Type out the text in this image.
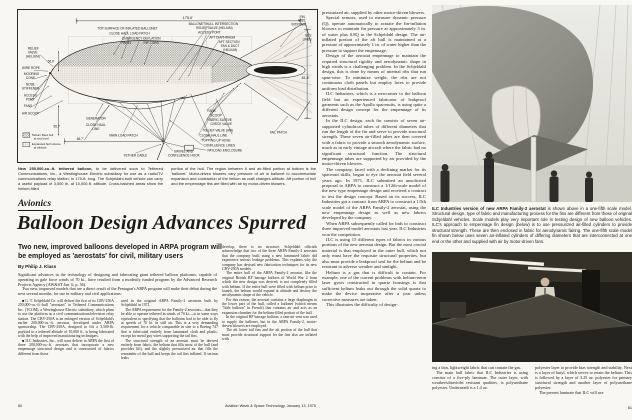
175.0'
TOP SURFACE OF INFLATED BALLONET
CLOSE HAUL LOAD PATCH
EMERGENCY DEFLATION
PANEL	RIP CORD
BALLONET/HULL INTERSECTION
RELIEF VALVE (HELIUM)
ACCESS PORT
AFT DIAPHRAGM
AFT SECTION
FAN & DUCT
(HELIUM)
FIN
RIBS,
INTERNAL
GUY
LINES
RELIEF
VALVE
(HELIUM)
56.0'
WIRE ROPE
MOORING
CONE
NOSE
STIFFENER
ACCESS
PORT
FANS
AIR SCOOP
56.7'
GENERATOR
CLOSE HAUL
LINE
MAIN LOAD PATCH
66.7'
TETHER CABLE
SWIVEL AND
CONFLUENCE HOOK
TOPPING UP HOSE
CONFLUENCE LINES
PAYLOAD ENCLOSURE
CLOSE HAUL LINE
RELIEF VALVE (AIR)
FABRIC SLEEVE
CHECK VALVE
SCOOP
FANS
TAIL PATCH
81.5'
Helium filled hull
at sea level
Expanded hull volume
at altitude
New 250,000-cu.-ft. tethered balloon, to be delivered soon to Tethered Communications, Inc., a Westinghouse Electric subsidiary for use as a radio/TV communications relay station, is 175-ft. long. The Schjeldahl-built vehicle can carry a useful payload of 3,500 lb. at 10,000-ft. altitude. Cross-hatched areas show the helium-filled
portion of the hull. The region between it and air-filled portion at bottom is the 'ballonet.' Motor-driven blowers vary pressure of air in ballonet to accommodate expansion and contraction of the helium as craft changes altitude. Aft portion of hull and the empennage fins are filled with air by motor-driven blowers.
Avionics
Balloon Design Advances Spurred
Two new, improved balloons developed in ARPA program will be employed as 'aerostats' for civil, military users
By Philip J. Klass

Significant advances in the technology of designing and fabricating giant tethered balloon platforms, capable of operating in gale force winds of 70 kt., have resulted from a modestly funded program by the Advanced Research Projects Agency (AW&ST Jan. 6, p. 56).

Two new, improved models that are a direct result of the Pentagon's ARPA program will make their debut during the next several months, for use in military and civil applications:

■ G. T. Schjeldahl Co. will deliver the first of its CBV-250A 250,000-cu.-ft.-hull "aerostats" to Tethered Communications Inc. (TCOM), a Westinghouse Electric subsidiary, which plans to use the platform as a civil communications/television relay station. The CBV-250A is an enlarged version of Schjeldahl's earlier 200,000-cu.-ft. aerostat, developed under ARPA sponsorship. The CBV-250A, designed to lift a 3,500-lb. payload to a tethered altitude of 10,000 ft., is being fabricated with the help of improved manufacturing techniques.

■ ILC Industries, Inc., will soon deliver to ARPA the first of three 200,000-cu.-ft. aerostats that incorporate a new empennage structural design and is constructed of fabrics different from those

used in the original ARPA Family-2 aerostats built by Schjeldahl in 1971.

The ARPA requirement for the Family-2 aerostats—that they be able to operate tethered in winds of 70 kt.—is in some ways equivalent to specifying that the balloons had to be able to fly at speeds of 70 kt. in still air. This is a very demanding requirement for a vehicle comparable in size to a Boeing 747 that is fabricated entirely from laminated cloth and plastic, except for metal guy wires supporting the tail fins.

The structural strength of an aerostat must be derived entirely from fabric, the helium that fills most of the hull (and provides lift), and the slightly pressurized air that fills the remainder of the hull and keeps the tail fins inflated. If serious leaks

develop, there is no structure. Schjeldahl officials acknowledge that two of the three ARPA Family-2 aerostats that the company built using a new laminated fabric did experience serious leakage problems. This explains why the company has devised new fabrication techniques for its new CBV-250A models.

The entire hull of the ARPA Family-2 aerostat, like the original British RF barrage balloon of World War 2 from which the new design was derived, is not completely filled with helium. If the entire hull were filled with helium prior to launch, the helium would expand at altitude and destroy the aerodynamic shape of the vehicle.

For this reason, the aerostat contains a large diaphragm in the lower part of the hull, called a ballonet (which means "little balloon" in French) that contains air and acts as an expansion chamber for the helium-filled portion of the hull.

In the original RF barrage balloon, a ram-air vent was used to supply the ballonet, but in the ARPA Family-2, motor-driven blowers are employed.

The aft lower tail fins and the aft portion of the hull that must provide structural support for the fins also are inflated with

60	Aviation Week & Space Technology, January 13, 1975

pressurized air, supplied by other motor-driven blowers.

Special sensors, used to measure dynamic pressure (Q), operate automatically to actuate the fin-inflation blowers to maintain fin pressure at approximately 3 in. of water plus 0.8Q in the Schjeldahl design. The air-inflated portion of the aft hull is maintained at a pressure of approximately 1 in. of water higher than the pressure to support the empennage.

Design of the aerostat empennage to maintain the required structural rigidity and aerodynamic shape in high winds is a challenging problem. In the Schjeldahl design, this is done by means of internal ribs that run span-wise. To minimize weight, the ribs are not continuous cloth panels but employ laces to provide uniform load distribution.

ILC Industries, which is a newcomer to the balloon field but an experienced fabricator of leakproof garments such as the Apollo spacesuits, is using quite a different design concept for the empennage of its aerostats.

In the ILC design, each fin consists of seven air-supported cylindrical tubes of different diameters that run the length of the fin and serve to provide structural strength. These seven air-filled tubes are then covered with a fabric to provide a smooth aerodynamic surface, much as in early vintage aircraft where the fabric had no significant structural function. The structural empennage tubes are supported by air provided by the motor-driven blowers.

The company, faced with a declining market for its spacesuit skills, began to eye the aerostat field several years ago. In 1971, ILC submitted an unsolicited proposal to ARPA to construct a 1/12th-scale model of the new type empennage design and received a contract to test the design concept. Based on its success, ILC Industries got a contract from ARPA to construct a 1/5th scale model of the ARPA Family-2 aerostat, using the new empennage design as well as new fabrics developed by the company.

When ARPA subsequently called for bids to construct three improved model aerostats last year, ILC Industries won the competition.

ILC is using 15 different types of fabrics in various portions of the new aerostat design. But the most crucial material is that employed in the outer hull, which not only must have the requisite structural properties, but also must provide a leakproof seal for the helium and be resistant to adverse weather and sunlight.

Helium is a gas that is difficult to contain. For example, one of the current problems with helium-neon laser gyros constructed in quartz housings is that sufficient helium leaks out through the solid quartz to make the device inoperative after a year unless corrective measures are taken.

This illustrates the difficulty of design-

ILC Industries version of new ARPA Family-2 aerostat is shown above in a one-fifth scale model. Structural design, type of fabric and manufacturing process for the fins are different from those of original Schjeldahl vehicles. Scale models play very important role in testing design of new balloon vehicles. ILC's approach to empennage fin design (below) is to use pressurized air-filled cylinders to provide structural strength. These are then enclosed in fabric for aerodynamic fairing. The one-fifth scale model fin shown below uses seven air-inflated cylinders of differing diameters that are interconnected at one end or the other and supplied with air by motor-driven fans.

ing a thin, lightweight fabric that can contain the gas.

The main hull fabric that ILC Industries is using consists of a five-ply laminate. The outer layer, with weather/ultraviolet resistant qualities, is polyurethane polyester. Underneath is a 1.4 oz.

polyester layer to provide bias strength and stability. Next is a layer of butyl, which serves to retain the helium. This is followed by a layer of 3.25 oz. polyester for primary structural strength and another layer of polyurethane polyester.

The present laminate that ILC will use

61
